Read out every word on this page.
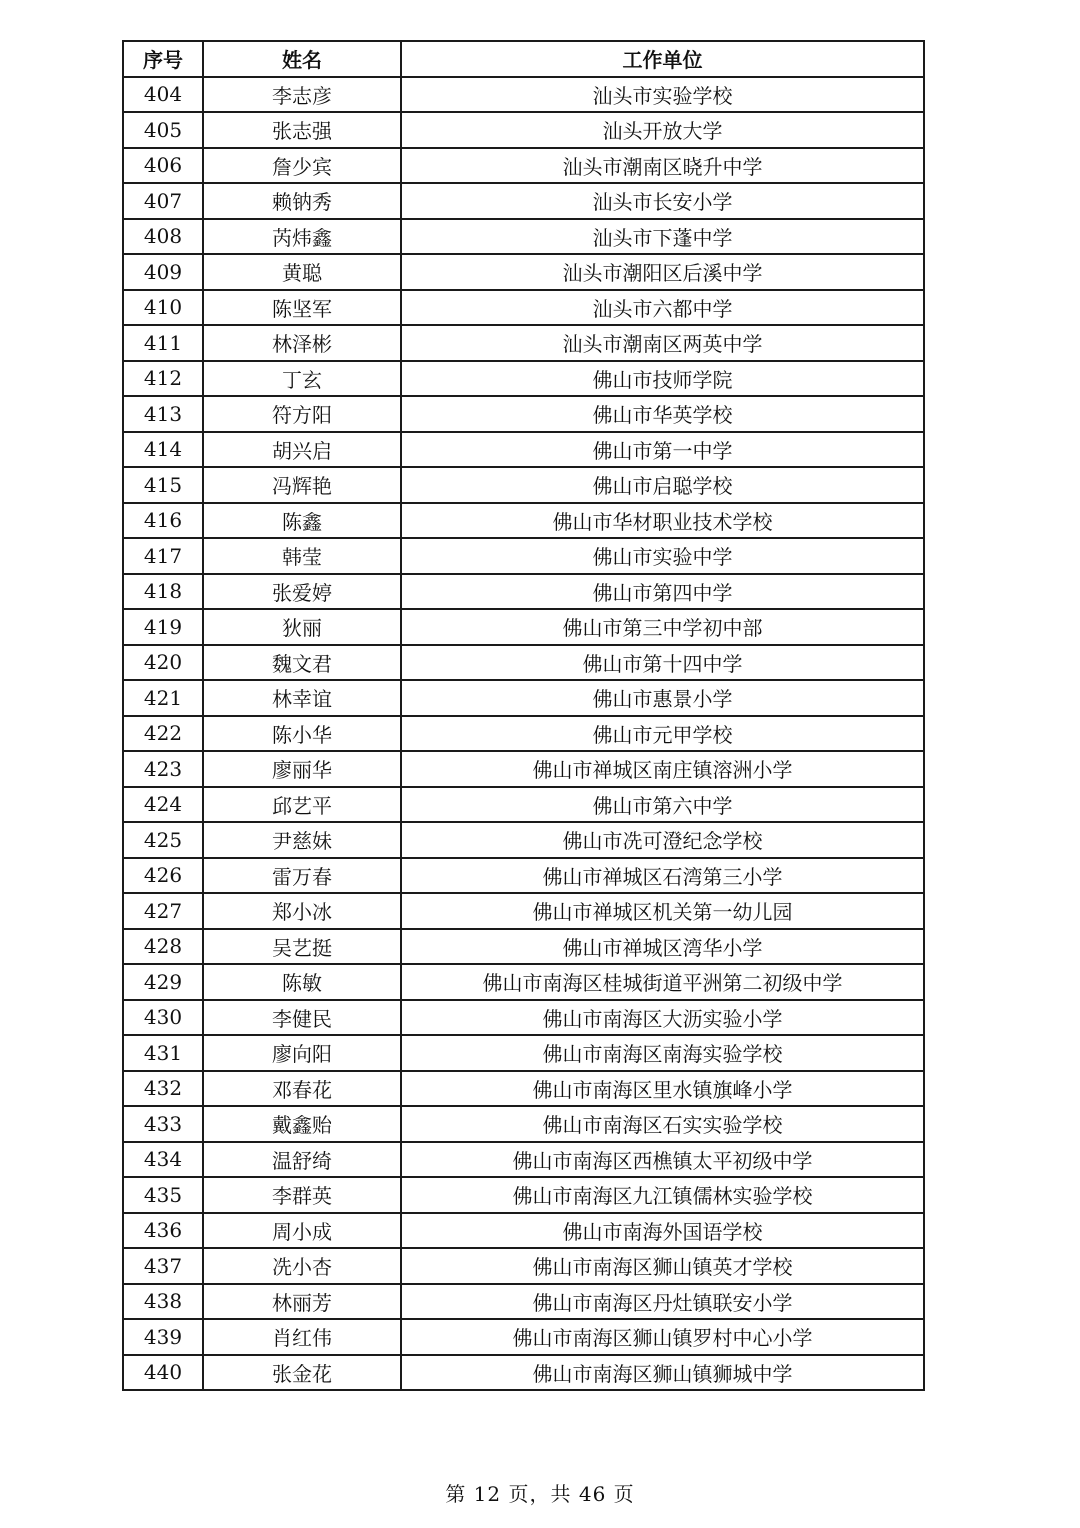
序号	姓名	工作单位
404	李志彦	汕头市实验学校
405	张志强	汕头开放大学
406	詹少宾	汕头市潮南区晓升中学
407	赖钠秀	汕头市长安小学
408	芮炜鑫	汕头市下蓬中学
409	黄聪	汕头市潮阳区后溪中学
410	陈坚军	汕头市六都中学
411	林泽彬	汕头市潮南区两英中学
412	丁玄	佛山市技师学院
413	符方阳	佛山市华英学校
414	胡兴启	佛山市第一中学
415	冯辉艳	佛山市启聪学校
416	陈鑫	佛山市华材职业技术学校
417	韩莹	佛山市实验中学
418	张爱婷	佛山市第四中学
419	狄丽	佛山市第三中学初中部
420	魏文君	佛山市第十四中学
421	林幸谊	佛山市惠景小学
422	陈小华	佛山市元甲学校
423	廖丽华	佛山市禅城区南庄镇溶洲小学
424	邱艺平	佛山市第六中学
425	尹慈妹	佛山市冼可澄纪念学校
426	雷万春	佛山市禅城区石湾第三小学
427	郑小冰	佛山市禅城区机关第一幼儿园
428	吴艺挺	佛山市禅城区湾华小学
429	陈敏	佛山市南海区桂城街道平洲第二初级中学
430	李健民	佛山市南海区大沥实验小学
431	廖向阳	佛山市南海区南海实验学校
432	邓春花	佛山市南海区里水镇旗峰小学
433	戴鑫贻	佛山市南海区石实实验学校
434	温舒绮	佛山市南海区西樵镇太平初级中学
435	李群英	佛山市南海区九江镇儒林实验学校
436	周小成	佛山市南海外国语学校
437	冼小杏	佛山市南海区狮山镇英才学校
438	林丽芳	佛山市南海区丹灶镇联安小学
439	肖红伟	佛山市南海区狮山镇罗村中心小学
440	张金花	佛山市南海区狮山镇狮城中学
第 12 页，共 46 页
